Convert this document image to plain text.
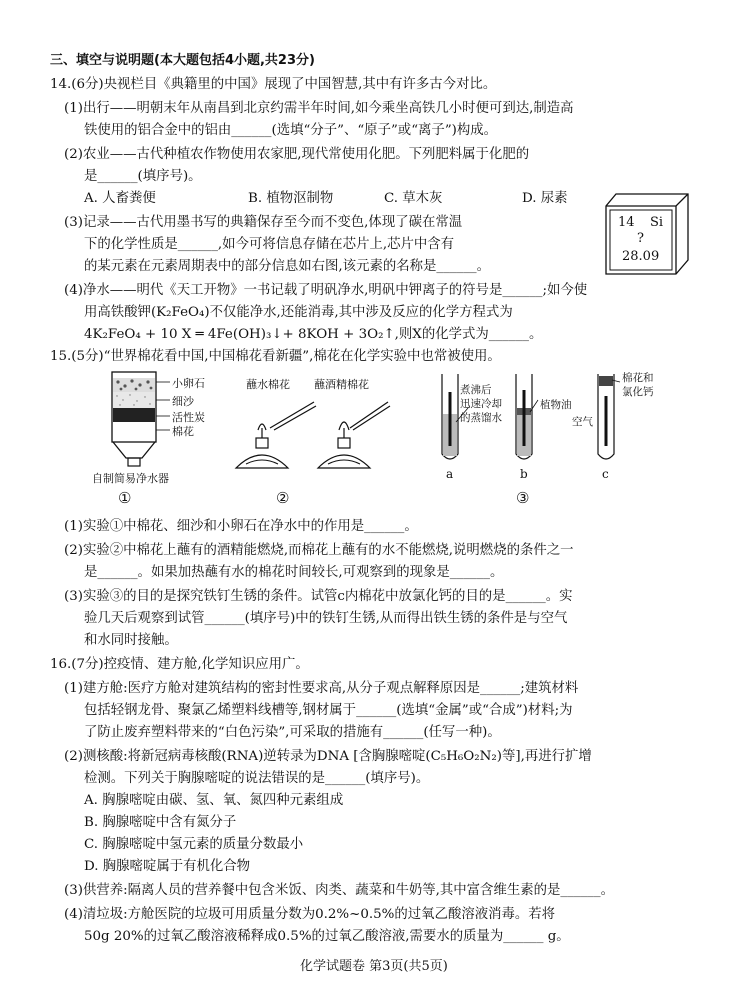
三、填空与说明题(本大题包括4小题,共23分)
14.(6分)央视栏目《典籍里的中国》展现了中国智慧,其中有许多古今对比。
(1)出行——明朝末年从南昌到北京约需半年时间,如今乘坐高铁几小时便可到达,制造高
铁使用的铝合金中的铝由______(选填“分子”、“原子”或“离子”)构成。
(2)农业——古代种植农作物使用农家肥,现代常使用化肥。下列肥料属于化肥的
是______(填序号)。
A. 人畜粪便	B. 植物沤制物	C. 草木灰	D. 尿素
(3)记录——古代用墨书写的典籍保存至今而不变色,体现了碳在常温
下的化学性质是______,如今可将信息存储在芯片上,芯片中含有
的某元素在元素周期表中的部分信息如右图,该元素的名称是______。
14 Si
?
28.09
(4)净水——明代《天工开物》一书记载了明矾净水,明矾中钾离子的符号是______;如今使
用高铁酸钾(K₂FeO₄)不仅能净水,还能消毒,其中涉及反应的化学方程式为
4K₂FeO₄ + 10 X ═ 4Fe(OH)₃↓+ 8KOH + 3O₂↑,则X的化学式为______。
15.(5分)“世界棉花看中国,中国棉花看新疆”,棉花在化学实验中也常被使用。
小卵石
细沙
活性炭
棉花
自制简易净水器
①
蘸水棉花 蘸酒精棉花
②
煮沸后
迅速冷却
的蒸馏水
植物油
棉花和
氯化钙
空气
a	b	c
③
(1)实验①中棉花、细沙和小卵石在净水中的作用是______。
(2)实验②中棉花上蘸有的酒精能燃烧,而棉花上蘸有的水不能燃烧,说明燃烧的条件之一
是______。如果加热蘸有水的棉花时间较长,可观察到的现象是______。
(3)实验③的目的是探究铁钉生锈的条件。试管c内棉花中放氯化钙的目的是______。实
验几天后观察到试管______(填序号)中的铁钉生锈,从而得出铁生锈的条件是与空气
和水同时接触。
16.(7分)控疫情、建方舱,化学知识应用广。
(1)建方舱:医疗方舱对建筑结构的密封性要求高,从分子观点解释原因是______;建筑材料
包括轻钢龙骨、聚氯乙烯塑料线槽等,钢材属于______(选填“金属”或“合成”)材料;为
了防止废弃塑料带来的“白色污染”,可采取的措施有______(任写一种)。
(2)测核酸:将新冠病毒核酸(RNA)逆转录为DNA [含胸腺嘧啶(C₅H₆O₂N₂)等],再进行扩增
检测。下列关于胸腺嘧啶的说法错误的是______(填序号)。
A. 胸腺嘧啶由碳、氢、氧、氮四种元素组成
B. 胸腺嘧啶中含有氮分子
C. 胸腺嘧啶中氢元素的质量分数最小
D. 胸腺嘧啶属于有机化合物
(3)供营养:隔离人员的营养餐中包含米饭、肉类、蔬菜和牛奶等,其中富含维生素的是______。
(4)清垃圾:方舱医院的垃圾可用质量分数为0.2%~0.5%的过氧乙酸溶液消毒。若将
50g 20%的过氧乙酸溶液稀释成0.5%的过氧乙酸溶液,需要水的质量为______ g。
化学试题卷 第3页(共5页)
